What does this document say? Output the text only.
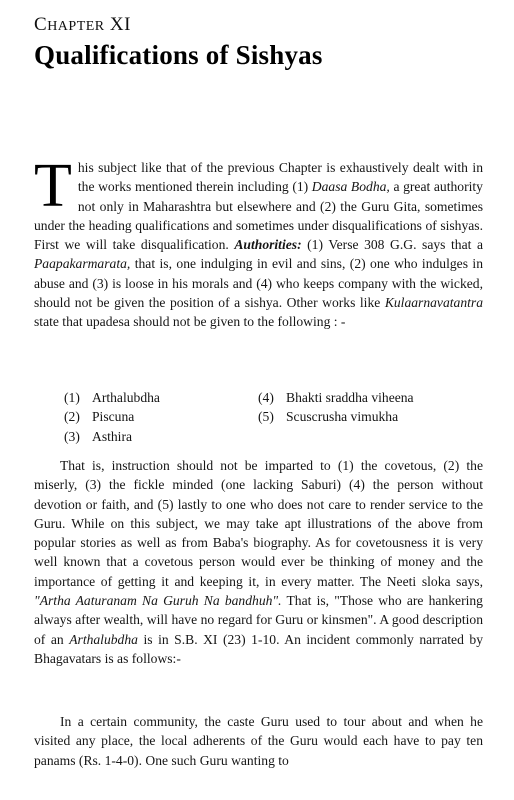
CHAPTER XI
Qualifications of Sishyas
This subject like that of the previous Chapter is exhaustively dealt with in the works mentioned therein including (1) Daasa Bodha, a great authority not only in Maharashtra but elsewhere and (2) the Guru Gita, sometimes under the heading qualifications and sometimes under disqualifications of sishyas. First we will take disqualification. Authorities: (1) Verse 308 G.G. says that a Paapakarmarata, that is, one indulging in evil and sins, (2) one who indulges in abuse and (3) is loose in his morals and (4) who keeps company with the wicked, should not be given the position of a sishya. Other works like Kulaarnavatantra state that upadesa should not be given to the following : -
(1) Arthalubdha
(2) Piscuna
(3) Asthira
(4) Bhakti sraddha viheena
(5) Scuscrusha vimukha
That is, instruction should not be imparted to (1) the covetous, (2) the miserly, (3) the fickle minded (one lacking Saburi) (4) the person without devotion or faith, and (5) lastly to one who does not care to render service to the Guru. While on this subject, we may take apt illustrations of the above from popular stories as well as from Baba's biography. As for covetousness it is very well known that a covetous person would ever be thinking of money and the importance of getting it and keeping it, in every matter. The Neeti sloka says, "Artha Aaturanam Na Guruh Na bandhuh". That is, "Those who are hankering always after wealth, will have no regard for Guru or kinsmen". A good description of an Arthalubdha is in S.B. XI (23) 1-10. An incident commonly narrated by Bhagavatars is as follows:-
In a certain community, the caste Guru used to tour about and when he visited any place, the local adherents of the Guru would each have to pay ten panams (Rs. 1-4-0). One such Guru wanting to
